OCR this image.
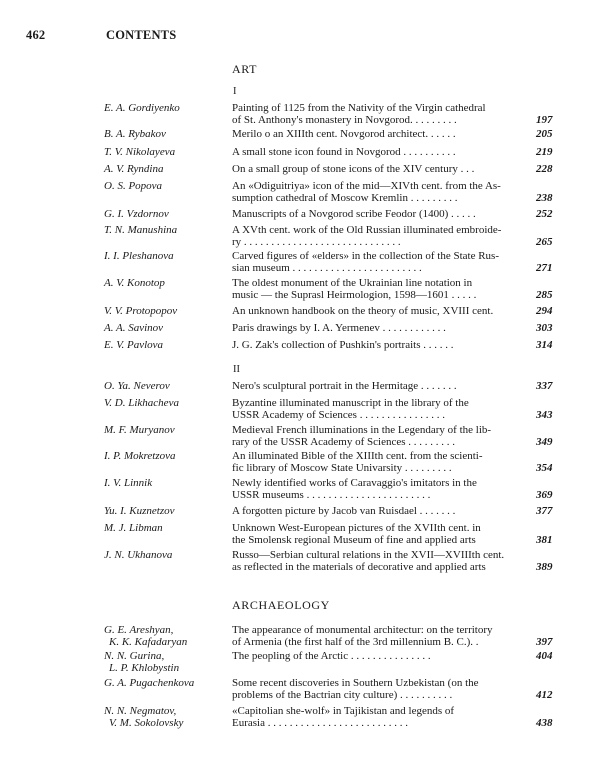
462	CONTENTS
ART
I
E. A. Gordiyenko	Painting of 1125 from the Nativity of the Virgin cathedral
of St. Anthony's monastery in Novgorod. . . . . . . . .	197
B. A. Rybakov	Merilo o an XIIIth cent. Novgorod architect. . . . . .	205
T. V. Nikolayeva	A small stone icon found in Novgorod . . . . . . . . . .	219
A. V. Ryndina	On a small group of stone icons of the XIV century . . .	228
O. S. Popova	An «Odiguitriya» icon of the mid—XIVth cent. from the As-
sumption cathedral of Moscow Kremlin . . . . . . . . .	238
G. I. Vzdornov	Manuscripts of a Novgorod scribe Feodor (1400) . . . . .	252
T. N. Manushina	A XVth cent. work of the Old Russian illuminated embroide-
ry . . . . . . . . . . . . . . . . . . . . . . . . . . . . .	265
I. I. Pleshanova	Carved figures of «elders» in the collection of the State Rus-
sian museum . . . . . . . . . . . . . . . . . . . . . . . .	271
A. V. Konotop	The oldest monument of the Ukrainian line notation in
music — the Suprasl Heirmologion, 1598—1601 . . . . .	285
V. V. Protopopov	An unknown handbook on the theory of music, XVIII cent.	294
A. A. Savinov	Paris drawings by I. A. Yermenev . . . . . . . . . . . .	303
E. V. Pavlova	J. G. Zak's collection of Pushkin's portraits . . . . . .	314
II
O. Ya. Neverov	Nero's sculptural portrait in the Hermitage . . . . . . .	337
V. D. Likhacheva	Byzantine illuminated manuscript in the library of the
USSR Academy of Sciences . . . . . . . . . . . . . . . .	343
M. F. Muryanov	Medieval French illuminations in the Legendary of the lib-
rary of the USSR Academy of Sciences . . . . . . . . .	349
I. P. Mokretzova	An illuminated Bible of the XIIIth cent. from the scienti-
fic library of Moscow State Univarsity . . . . . . . . .	354
I. V. Linnik	Newly identified works of Caravaggio's imitators in the
USSR museums . . . . . . . . . . . . . . . . . . . . . . .	369
Yu. I. Kuznetzov	A forgotten picture by Jacob van Ruisdael . . . . . . .	377
M. J. Libman	Unknown West-European pictures of the XVIIth cent. in
the Smolensk regional Museum of fine and applied arts	381
J. N. Ukhanova	Russo—Serbian cultural relations in the XVII—XVIIIth cent.
as reflected in the materials of decorative and applied arts	389
ARCHAEOLOGY
G. E. Areshyan,
K. K. Kafadaryan
The appearance of monumental architectur: on the territory
of Armenia (the first half of the 3rd millennium B. C.). .	397
N. N. Gurina,
L. P. Khlobystin
The peopling of the Arctic . . . . . . . . . . . . . . .	404
G. A. Pugachenkova	Some recent discoveries in Southern Uzbekistan (on the
problems of the Bactrian city culture) . . . . . . . . . .	412
N. N. Negmatov,
V. M. Sokolovsky
«Capitolian she-wolf» in Tajikistan and legends of
Eurasia . . . . . . . . . . . . . . . . . . . . . . . . . .	438
